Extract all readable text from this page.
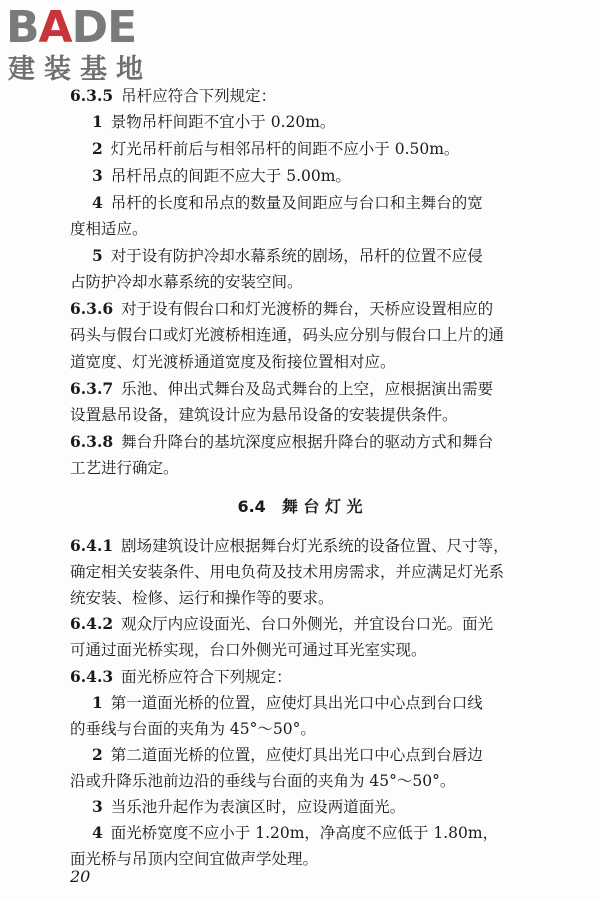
BADE
建装基地
6.3.5 吊杆应符合下列规定：
1 景物吊杆间距不宜小于 0.20m。
2 灯光吊杆前后与相邻吊杆的间距不应小于 0.50m。
3 吊杆吊点的间距不应大于 5.00m。
4 吊杆的长度和吊点的数量及间距应与台口和主舞台的宽
度相适应。
5 对于设有防护冷却水幕系统的剧场，吊杆的位置不应侵
占防护冷却水幕系统的安装空间。
6.3.6 对于设有假台口和灯光渡桥的舞台，天桥应设置相应的
码头与假台口或灯光渡桥相连通，码头应分别与假台口上片的通
道宽度、灯光渡桥通道宽度及衔接位置相对应。
6.3.7 乐池、伸出式舞台及岛式舞台的上空，应根据演出需要
设置悬吊设备，建筑设计应为悬吊设备的安装提供条件。
6.3.8 舞台升降台的基坑深度应根据升降台的驱动方式和舞台
工艺进行确定。
6.4　舞 台 灯 光
6.4.1 剧场建筑设计应根据舞台灯光系统的设备位置、尺寸等，
确定相关安装条件、用电负荷及技术用房需求，并应满足灯光系
统安装、检修、运行和操作等的要求。
6.4.2 观众厅内应设面光、台口外侧光，并宜设台口光。面光
可通过面光桥实现，台口外侧光可通过耳光室实现。
6.4.3 面光桥应符合下列规定：
1 第一道面光桥的位置，应使灯具出光口中心点到台口线
的垂线与台面的夹角为 45°～50°。
2 第二道面光桥的位置，应使灯具出光口中心点到台唇边
沿或升降乐池前边沿的垂线与台面的夹角为 45°～50°。
3 当乐池升起作为表演区时，应设两道面光。
4 面光桥宽度不应小于 1.20m，净高度不应低于 1.80m，
面光桥与吊顶内空间宜做声学处理。
20
